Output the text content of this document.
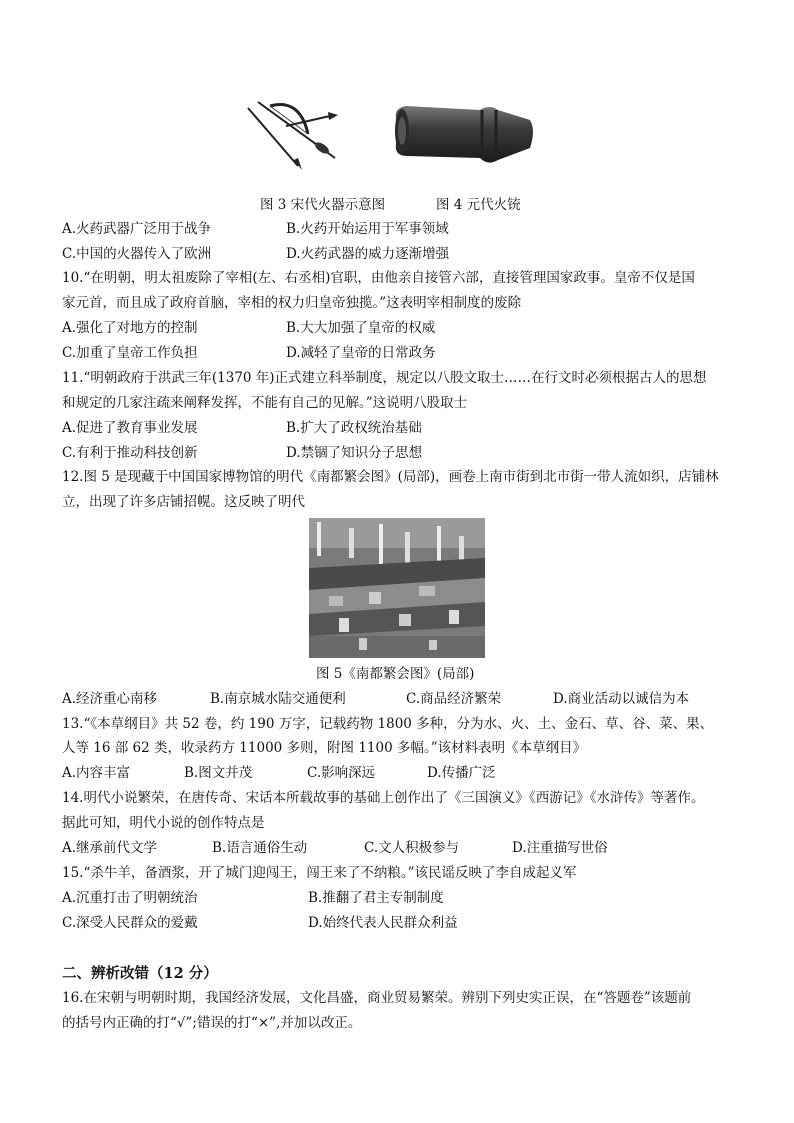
图 3 宋代火器示意图	图 4 元代火铳
A.火药武器广泛用于战争	B.火药开始运用于军事领域
C.中国的火器传入了欧洲	D.火药武器的威力逐渐增强
10.“在明朝，明太祖废除了宰相(左、右丞相)官职，由他亲自接管六部，直接管理国家政事。皇帝不仅是国
家元首，而且成了政府首脑，宰相的权力归皇帝独揽。”这表明宰相制度的废除
A.强化了对地方的控制	B.大大加强了皇帝的权威
C.加重了皇帝工作负担	D.减轻了皇帝的日常政务
11.“明朝政府于洪武三年(1370 年)正式建立科举制度，规定以八股文取士……在行文时必须根据古人的思想
和规定的几家注疏来阐释发挥，不能有自己的见解。”这说明八股取士
A.促进了教育事业发展	B.扩大了政权统治基础
C.有利于推动科技创新	D.禁锢了知识分子思想
12.图 5 是现藏于中国国家博物馆的明代《南都繁会图》(局部)，画卷上南市街到北市街一带人流如织，店铺林
立，出现了许多店铺招幌。这反映了明代
图 5《南都繁会图》(局部)
A.经济重心南移	B.南京城水陆交通便利	C.商品经济繁荣	D.商业活动以诚信为本
13.“《本草纲目》共 52 卷，约 190 万字，记载药物 1800 多种，分为水、火、土、金石、草、谷、菜、果、
人等 16 部 62 类，收录药方 11000 多则，附图 1100 多幅。”该材料表明《本草纲目》
A.内容丰富	B.图文并茂	C.影响深远	D.传播广泛
14.明代小说繁荣，在唐传奇、宋话本所载故事的基础上创作出了《三国演义》《西游记》《水浒传》等著作。
据此可知，明代小说的创作特点是
A.继承前代文学	B.语言通俗生动	C.文人积极参与	D.注重描写世俗
15.“杀牛羊，备酒浆，开了城门迎闯王，闯王来了不纳粮。”该民谣反映了李自成起义军
A.沉重打击了明朝统治	B.推翻了君主专制制度
C.深受人民群众的爱戴	D.始终代表人民群众利益
二、辨析改错（12 分）
16.在宋朝与明朝时期，我国经济发展，文化昌盛，商业贸易繁荣。辨别下列史实正误，在“答题卷”该题前
的括号内正确的打“√”;错误的打“×”,并加以改正。
